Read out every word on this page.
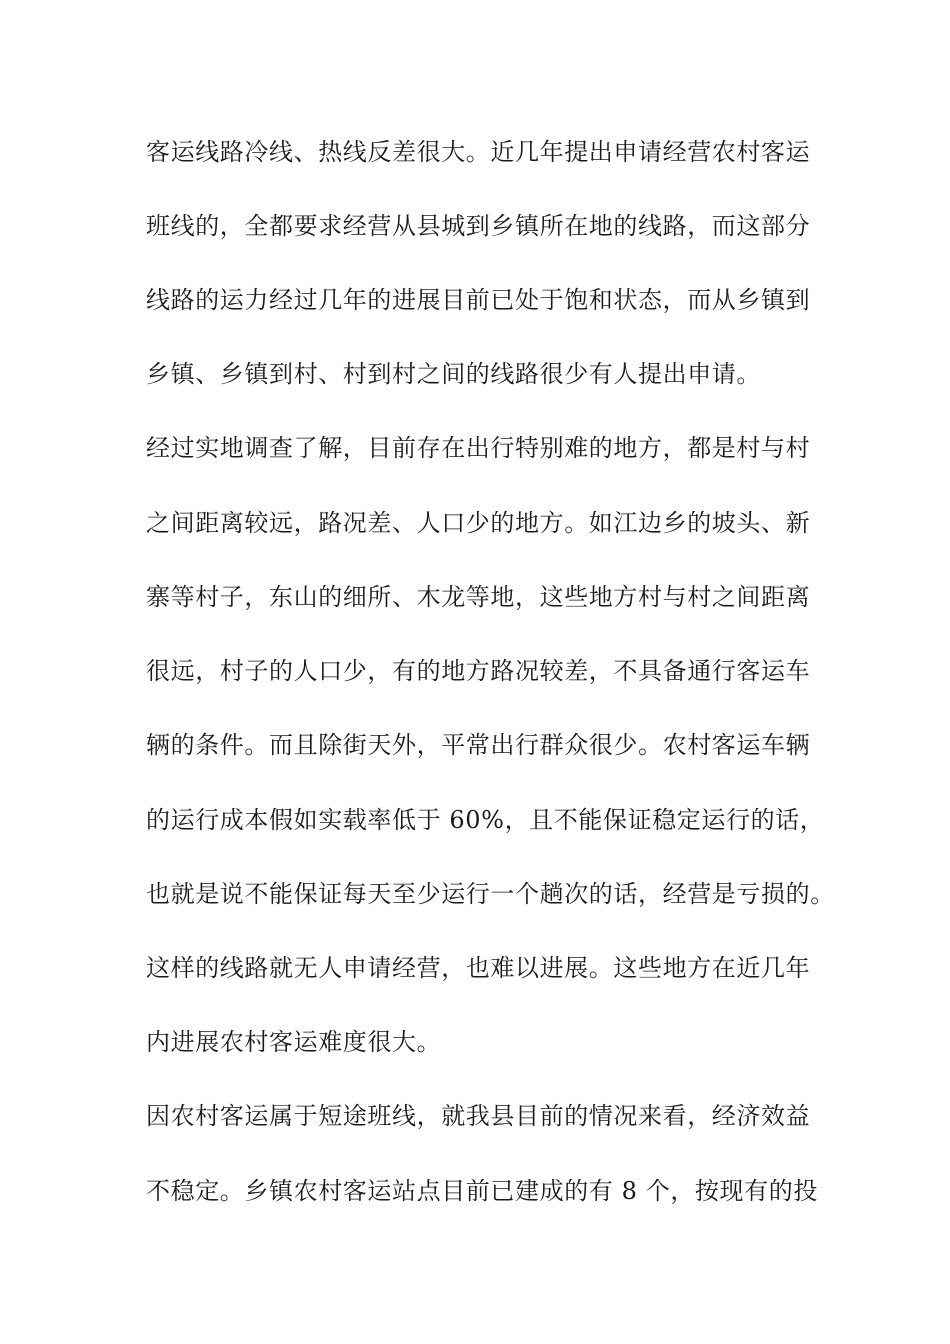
客运线路冷线、热线反差很大。近几年提出申请经营农村客运

班线的，全都要求经营从县城到乡镇所在地的线路，而这部分

线路的运力经过几年的进展目前已处于饱和状态，而从乡镇到

乡镇、乡镇到村、村到村之间的线路很少有人提出申请。

经过实地调查了解，目前存在出行特别难的地方，都是村与村

之间距离较远，路况差、人口少的地方。如江边乡的坡头、新

寨等村子，东山的细所、木龙等地，这些地方村与村之间距离

很远，村子的人口少，有的地方路况较差，不具备通行客运车

辆的条件。而且除街天外，平常出行群众很少。农村客运车辆

的运行成本假如实载率低于 60%，且不能保证稳定运行的话，

也就是说不能保证每天至少运行一个趟次的话，经营是亏损的。

这样的线路就无人申请经营，也难以进展。这些地方在近几年

内进展农村客运难度很大。

因农村客运属于短途班线，就我县目前的情况来看，经济效益

不稳定。乡镇农村客运站点目前已建成的有 8 个，按现有的投
